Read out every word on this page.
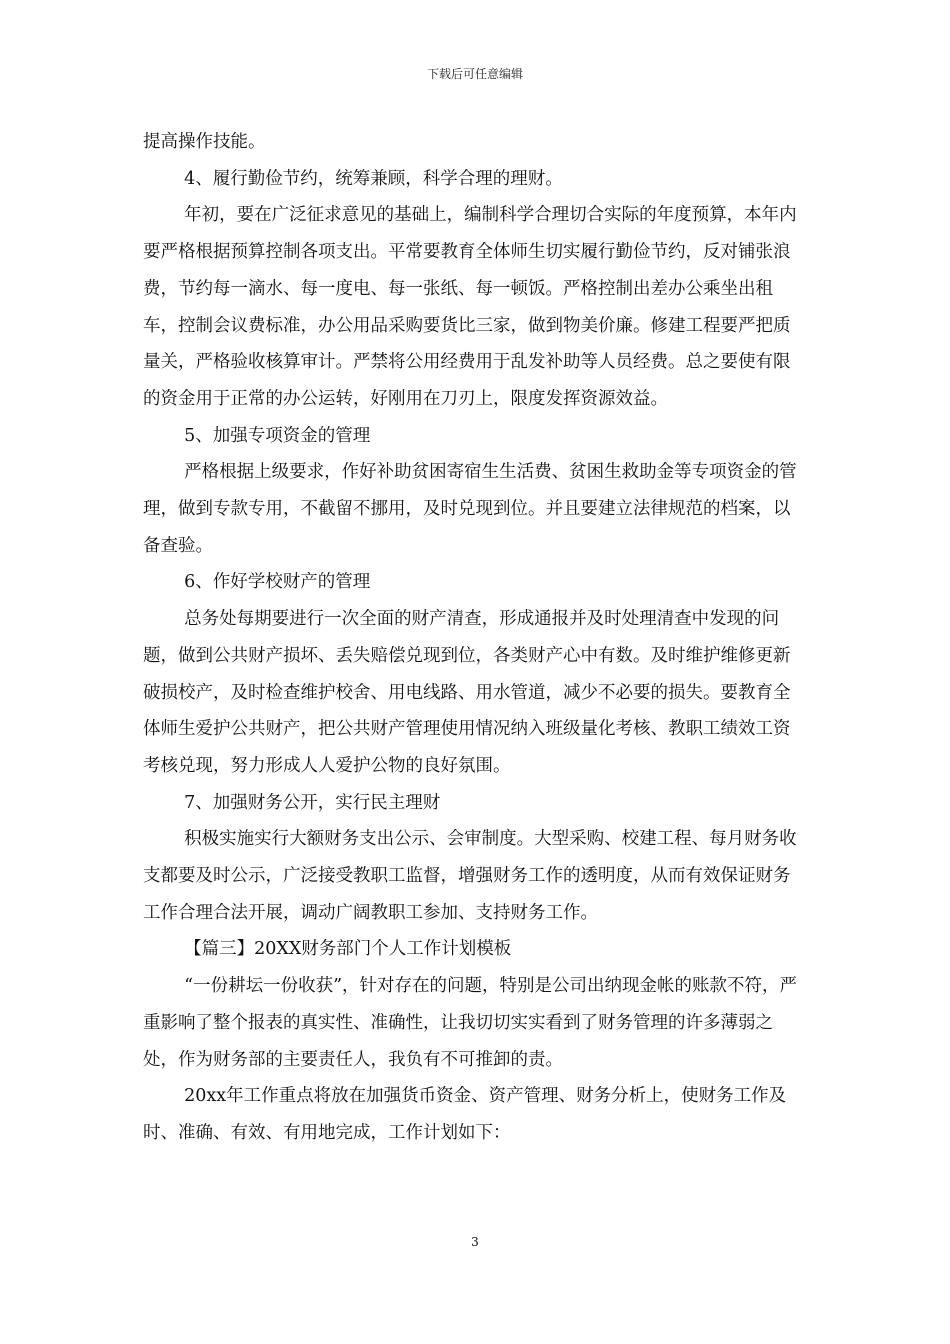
下载后可任意编辑

提高操作技能。

4、履行勤俭节约，统筹兼顾，科学合理的理财。

年初，要在广泛征求意见的基础上，编制科学合理切合实际的年度预算，本年内要严格根据预算控制各项支出。平常要教育全体师生切实履行勤俭节约，反对铺张浪费，节约每一滴水、每一度电、每一张纸、每一顿饭。严格控制出差办公乘坐出租车，控制会议费标准，办公用品采购要货比三家，做到物美价廉。修建工程要严把质量关，严格验收核算审计。严禁将公用经费用于乱发补助等人员经费。总之要使有限的资金用于正常的办公运转，好刚用在刀刃上，限度发挥资源效益。

5、加强专项资金的管理

严格根据上级要求，作好补助贫困寄宿生生活费、贫困生救助金等专项资金的管理，做到专款专用，不截留不挪用，及时兑现到位。并且要建立法律规范的档案，以备查验。

6、作好学校财产的管理

总务处每期要进行一次全面的财产清查，形成通报并及时处理清查中发现的问题，做到公共财产损坏、丢失赔偿兑现到位，各类财产心中有数。及时维护维修更新破损校产，及时检查维护校舍、用电线路、用水管道，减少不必要的损失。要教育全体师生爱护公共财产，把公共财产管理使用情况纳入班级量化考核、教职工绩效工资考核兑现，努力形成人人爱护公物的良好氛围。

7、加强财务公开，实行民主理财

积极实施实行大额财务支出公示、会审制度。大型采购、校建工程、每月财务收支都要及时公示，广泛接受教职工监督，增强财务工作的透明度，从而有效保证财务工作合理合法开展，调动广阔教职工参加、支持财务工作。

【篇三】20XX财务部门个人工作计划模板

“一份耕坛一份收获”，针对存在的问题，特别是公司出纳现金帐的账款不符，严重影响了整个报表的真实性、准确性，让我切切实实看到了财务管理的许多薄弱之处，作为财务部的主要责任人，我负有不可推卸的责。

20xx年工作重点将放在加强货币资金、资产管理、财务分析上，使财务工作及时、准确、有效、有用地完成，工作计划如下：

3
